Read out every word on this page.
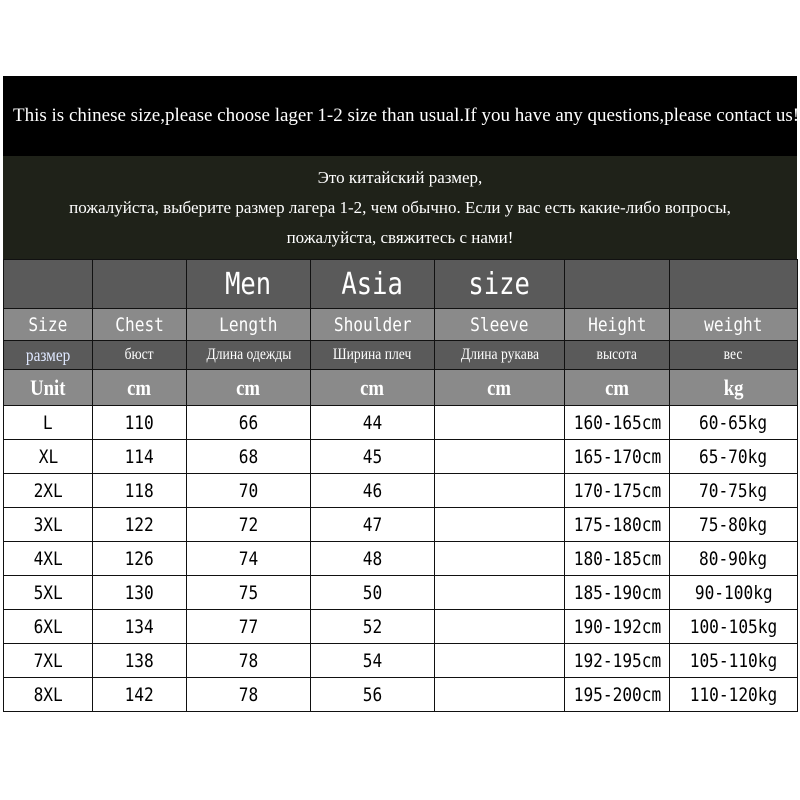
This is chinese size,please choose lager 1-2 size than usual.If you have any questions,please contact us!
Это китайский размер,
пожалуйста, выберите размер лагера 1-2, чем обычно. Если у вас есть какие-либо вопросы,
пожалуйста, свяжитесь с нами!
		Men	Asia	size		
Size	Chest	Length	Shoulder	Sleeve	Height	weight
размер	бюст	Длина одежды	Ширина плеч	Длина рукава	высота	вес
Unit	cm	cm	cm	cm	cm	kg
L	110	66	44		160-165cm	60-65kg
XL	114	68	45		165-170cm	65-70kg
2XL	118	70	46		170-175cm	70-75kg
3XL	122	72	47		175-180cm	75-80kg
4XL	126	74	48		180-185cm	80-90kg
5XL	130	75	50		185-190cm	90-100kg
6XL	134	77	52		190-192cm	100-105kg
7XL	138	78	54		192-195cm	105-110kg
8XL	142	78	56		195-200cm	110-120kg
